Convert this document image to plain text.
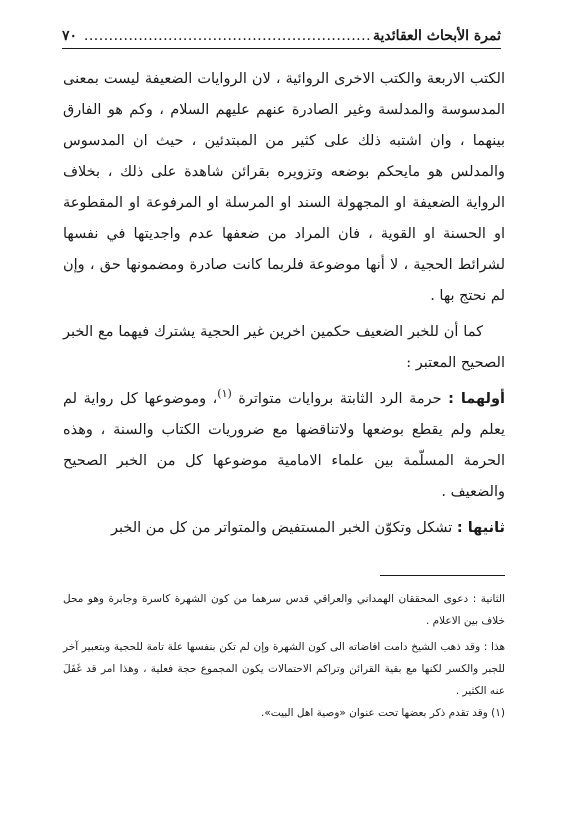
ثمرة الأبحاث العقائدية
..........................................................
٧٠

الكتب الاربعة والكتب الاخرى الروائية ، لان الروايات الضعيفة ليست بمعنى المدسوسة والمدلسة وغير الصادرة عنهم عليهم السلام ، وكم هو الفارق بينهما ، وان اشتبه ذلك على كثير من المبتدئين ، حيث ان المدسوس والمدلس هو مايحكم بوضعه وتزويره بقرائن شاهدة على ذلك ، بخلاف الرواية الضعيفة او المجهولة السند او المرسلة او المرفوعة او المقطوعة او الحسنة او القوية ، فان المراد من ضعفها عدم واجديتها في نفسها لشرائط الحجية ، لا أنها موضوعة فلربما كانت صادرة ومضمونها حق ، وإن لم نحتج بها .

كما أن للخبر الضعيف حكمين اخرين غير الحجية يشترك فيهما مع الخبر الصحيح المعتبر :

أولهما : حرمة الرد الثابتة بروايات متواترة $^{(١)}$، وموضوعها كل رواية لم يعلم ولم يقطع بوضعها ولاتناقضها مع ضروريات الكتاب والسنة ، وهذه الحرمة المسلّمة بين علماء الامامية موضوعها كل من الخبر الصحيح والضعيف .

ثانيها : تشكل وتكوّن الخبر المستفيض والمتواتر من كل من الخبر

الثانية : دعوى المحققان الهمداني والعراقي قدس سرهما من كون الشهرة كاسرة وجابرة وهو محل خلاف بين الاعلام .

هذا : وقد ذهب الشيخ دامت افاضاته الى كون الشهرة وإن لم تكن بنفسها علة تامة للحجية وبتعبير آخر للجبر والكسر لكنها مع بقية القرائن وتراكم الاحتمالات يكون المجموع حجة فعلية ، وهذا امر قد غَفَلَ عنه الكثير .

(١) وقد تقدم ذكر بعضها تحت عنوان «وصية اهل البيت».
